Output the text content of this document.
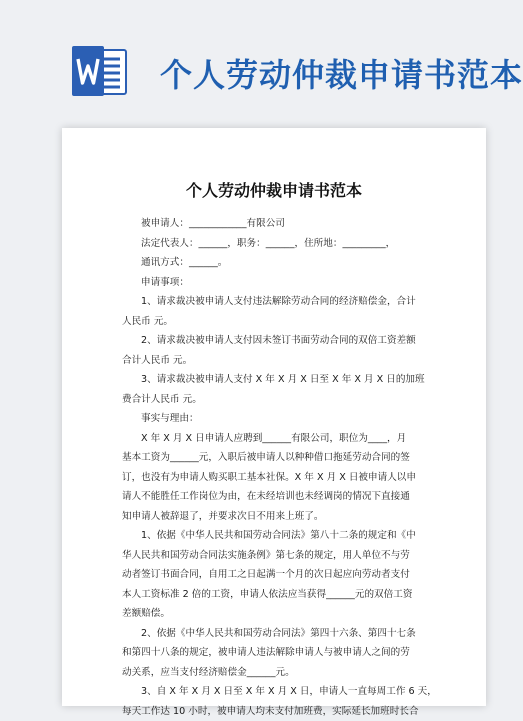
个人劳动仲裁申请书范本
个人劳动仲裁申请书范本

被申请人：____________有限公司

法定代表人：______，职务：______，住所地：_________，

通讯方式：______。

申请事项：

1、请求裁决被申请人支付违法解除劳动合同的经济赔偿金，合计

人民币 元。

2、请求裁决被申请人支付因未签订书面劳动合同的双倍工资差额

合计人民币 元。

3、请求裁决被申请人支付 X 年 X 月 X 日至 X 年 X 月 X 日的加班

费合计人民币 元。

事实与理由：

X 年 X 月 X 日申请人应聘到______有限公司，职位为____，月

基本工资为______元，入职后被申请人以种种借口拖延劳动合同的签

订，也没有为申请人购买职工基本社保。X 年 X 月 X 日被申请人以申

请人不能胜任工作岗位为由，在未经培训也未经调岗的情况下直接通

知申请人被辞退了，并要求次日不用来上班了。

1、依据《中华人民共和国劳动合同法》第八十二条的规定和《中

华人民共和国劳动合同法实施条例》第七条的规定，用人单位不与劳

动者签订书面合同，自用工之日起满一个月的次日起应向劳动者支付

本人工资标准 2 倍的工资，申请人依法应当获得______元的双倍工资

差额赔偿。

2、依据《中华人民共和国劳动合同法》第四十六条、第四十七条

和第四十八条的规定，被申请人违法解除申请人与被申请人之间的劳

动关系，应当支付经济赔偿金______元。

3、自 X 年 X 月 X 日至 X 年 X 月 X 日，申请人一直每周工作 6 天，

每天工作达 10 小时，被申请人均未支付加班费，实际延长加班时长合
